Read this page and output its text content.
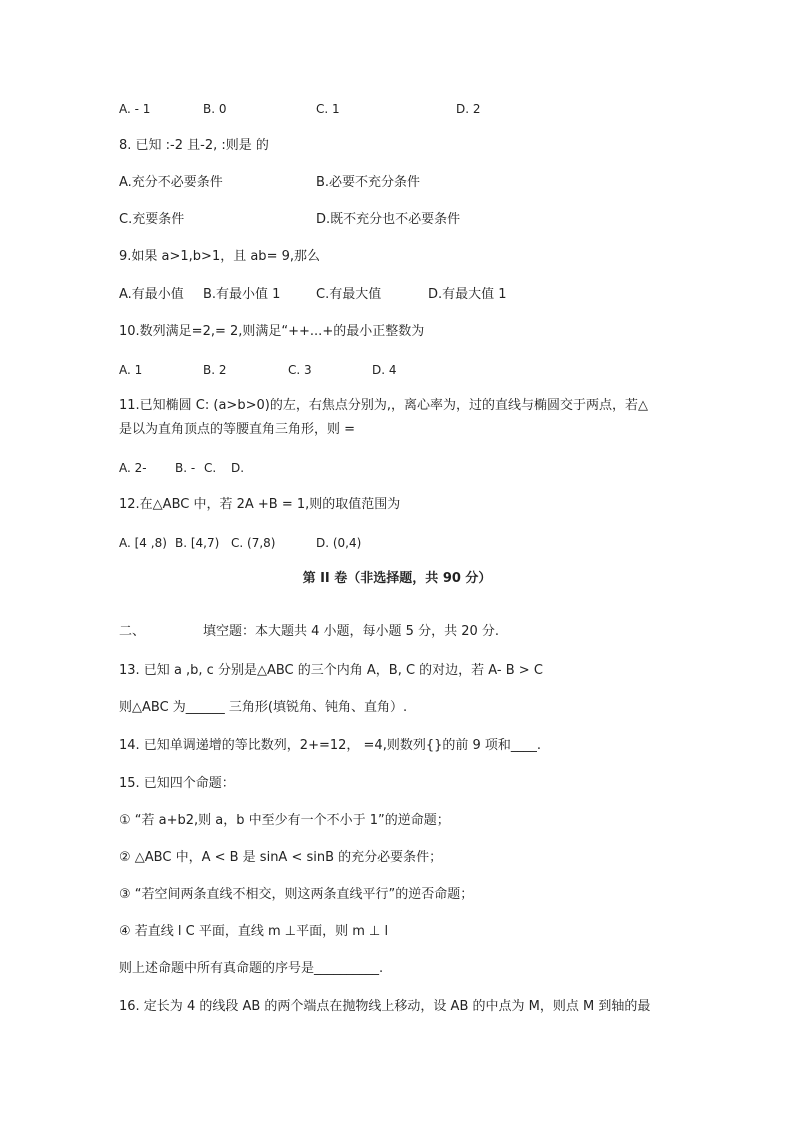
A. - 1	B. 0	C. 1	D. 2
8. 已知 :-2 且-2, :则是 的
A.充分不必要条件	B.必要不充分条件
C.充要条件	D.既不充分也不必要条件
9.如果 a>1,b>1，且 ab= 9,那么
A.有最小值 B.有最小值 1	C.有最大值	D.有最大值 1
10.数列满足=2,= 2,则满足“++...+的最小正整数为
A. 1	B. 2	C. 3	D. 4
11.已知椭圆 C: (a>b>0)的左，右焦点分别为,，离心率为，过的直线与椭圆交于两点，若△
是以为直角顶点的等腰直角三角形，则 =
A. 2- B. - C. D.
12.在△ABC 中，若 2A +B = 1,则的取值范围为
A. [4 ,8) B. [4,7) C. (7,8)	D. (0,4)
第 II 卷（非选择题，共 90 分）
二、	填空题：本大题共 4 小题，每小题 5 分，共 20 分.
13. 已知 a ,b, c 分别是△ABC 的三个内角 A，B, C 的对边，若 A- B > C
则△ABC 为______ 三角形(填锐角、钝角、直角）.
14. 已知单调递增的等比数列，2+=12， =4,则数列{}的前 9 项和____.
15. 已知四个命题：
① “若 a+b2,则 a，b 中至少有一个不小于 1”的逆命题；
② △ABC 中，A < B 是 sinA < sinB 的充分必要条件；
③ “若空间两条直线不相交，则这两条直线平行”的逆否命题；
④ 若直线 l C 平面，直线 m ⊥平面，则 m ⊥ l
则上述命题中所有真命题的序号是__________.
16. 定长为 4 的线段 AB 的两个端点在抛物线上移动，设 AB 的中点为 M，则点 M 到轴的最
